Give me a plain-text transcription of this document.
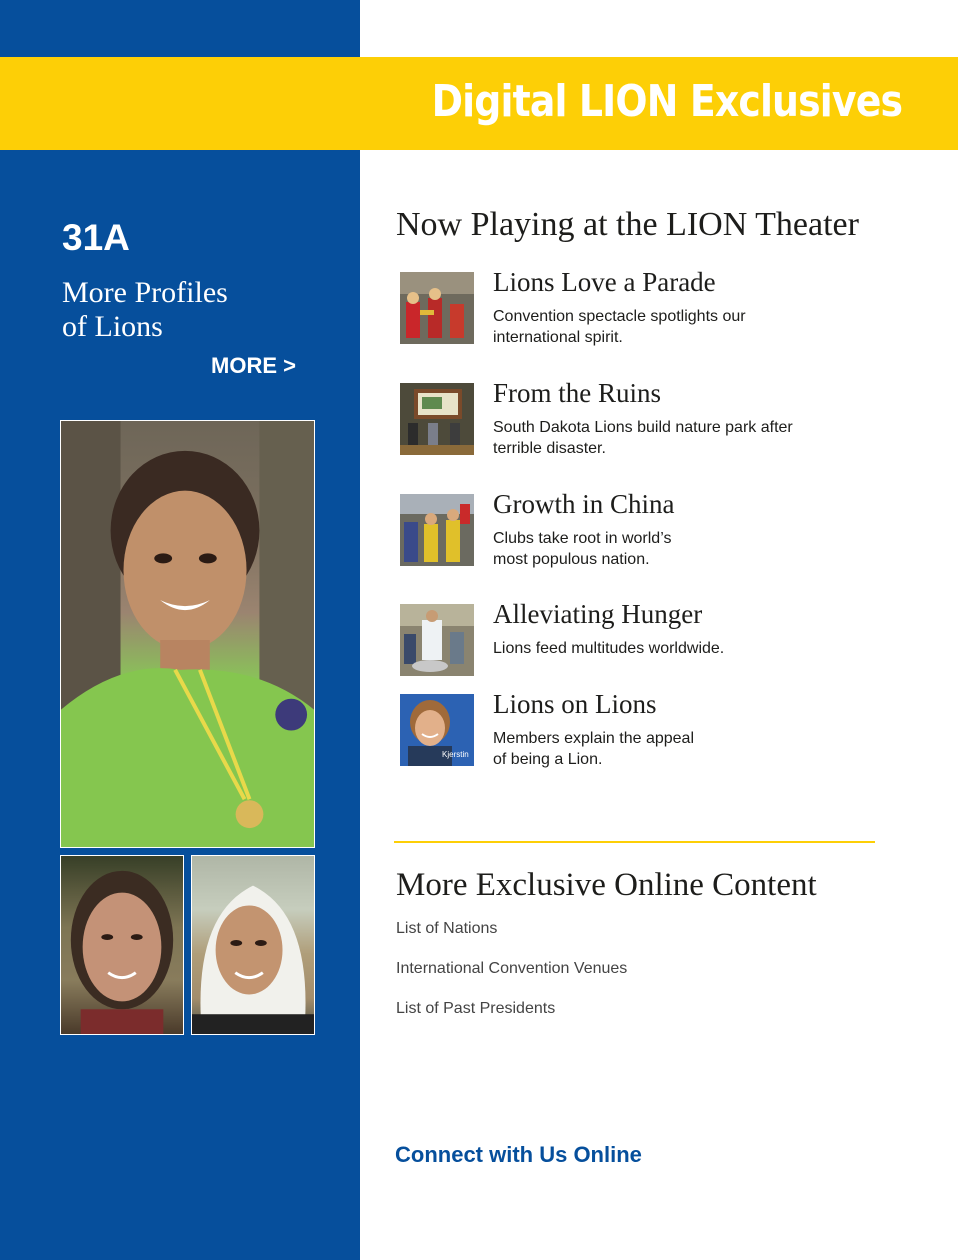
Digital LION Exclusives
31A
More Profiles
of Lions
MORE >
Now Playing at the LION Theater
Lions Love a Parade
Convention spectacle spotlights our
international spirit.
From the Ruins
South Dakota Lions build nature park after
terrible disaster.
Growth in China
Clubs take root in world’s
most populous nation.
Alleviating Hunger
Lions feed multitudes worldwide.
Kjerstin
Lions on Lions
Members explain the appeal
of being a Lion.
More Exclusive Online Content
List of Nations
International Convention Venues
List of Past Presidents
Connect with Us Online
